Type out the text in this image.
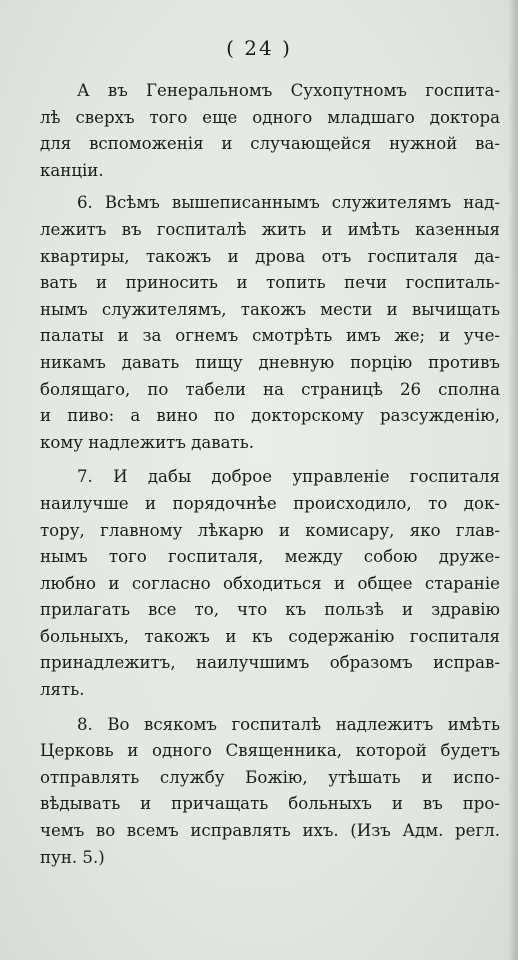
( 24 )
А въ Генеральномъ Сухопутномъ госпита-
лѣ сверхъ того еще одного младшаго доктора
для вспоможенія и случающейся нужной ва-
канціи.
6. Всѣмъ вышеписаннымъ служителямъ над-
лежитъ въ госпиталѣ жить и имѣть казенныя
квартиры, такожъ и дрова отъ госпиталя да-
вать и приносить и топить печи госпиталь-
нымъ служителямъ, такожъ мести и вычищать
палаты и за огнемъ смотрѣть имъ же; и уче-
никамъ давать пищу дневную порцію противъ
болящаго, по табели на страницѣ 26 сполна
и пиво: а вино по докторскому разсужденію,
кому надлежитъ давать.
7. И дабы доброе управленіе госпиталя
наилучше и порядочнѣе происходило, то док-
тору, главному лѣкарю и комисару, яко глав-
нымъ того госпиталя, между собою друже-
любно и согласно обходиться и общее стараніе
прилагать все то, что къ пользѣ и здравію
больныхъ, такожъ и къ содержанію госпиталя
принадлежитъ, наилучшимъ образомъ исправ-
лять.
8. Во всякомъ госпиталѣ надлежитъ имѣть
Церковь и одного Священника, которой будетъ
отправлять службу Божію, утѣшать и испо-
вѣдывать и причащать больныхъ и въ про-
чемъ во всемъ исправлять ихъ. (Изъ Адм. регл.
пун. 5.)
